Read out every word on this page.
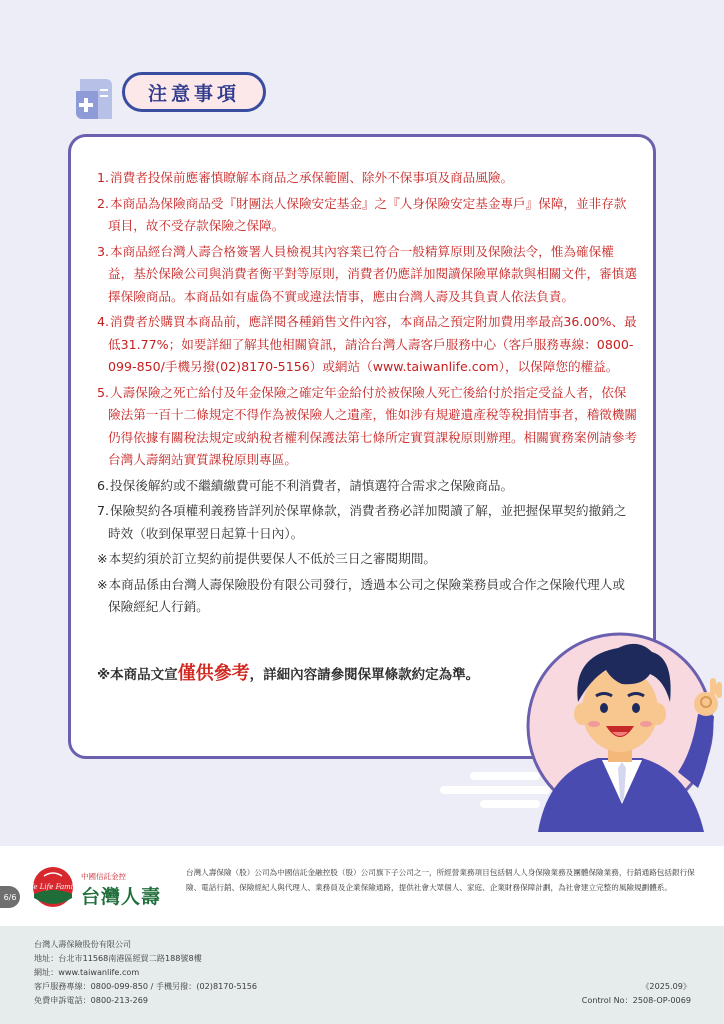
注意事項
1.消費者投保前應審慎瞭解本商品之承保範圍、除外不保事項及商品風險。
2.本商品為保險商品受『財團法人保險安定基金』之『人身保險安定基金專戶』保障，並非存款項目，故不受存款保險之保障。
3.本商品經台灣人壽合格簽署人員檢視其內容業已符合一般精算原則及保險法令，惟為確保權益，基於保險公司與消費者衡平對等原則，消費者仍應詳加閱讀保險單條款與相關文件，審慎選擇保險商品。本商品如有虛偽不實或違法情事，應由台灣人壽及其負責人依法負責。
4.消費者於購買本商品前，應詳閱各種銷售文件內容，本商品之預定附加費用率最高36.00%、最低31.77%；如要詳細了解其他相關資訊，請洽台灣人壽客戶服務中心（客戶服務專線：0800-099-850/手機另撥(02)8170-5156）或網站（www.taiwanlife.com），以保障您的權益。
5.人壽保險之死亡給付及年金保險之確定年金給付於被保險人死亡後給付於指定受益人者，依保險法第一百十二條規定不得作為被保險人之遺產，惟如涉有規避遺產稅等稅捐情事者，稽徵機關仍得依據有關稅法規定或納稅者權利保護法第七條所定實質課稅原則辦理。相關實務案例請參考台灣人壽網站實質課稅原則專區。
6.投保後解約或不繼續繳費可能不利消費者，請慎選符合需求之保險商品。
7.保險契約各項權利義務皆詳列於保單條款，消費者務必詳加閱讀了解，並把握保單契約撤銷之時效（收到保單翌日起算十日內）。
※本契約須於訂立契約前提供要保人不低於三日之審閱期間。
※本商品係由台灣人壽保險股份有限公司發行，透過本公司之保險業務員或合作之保險代理人或保險經紀人行銷。
※本商品文宣僅供參考，詳細內容請參閱保單條款約定為準。
6/6
We Life Family
中國信託金控
台灣人壽
台灣人壽保險（股）公司為中國信託金融控股（股）公司旗下子公司之一，所經營業務項目包括個人人身保險業務及團體保險業務，行銷通路包括銀行保險、電話行銷、保險經紀人與代理人、業務員及企業保險通路，提供社會大眾個人、家庭、企業財務保障計劃，為社會建立完整的風險規劃體系。
台灣人壽保險股份有限公司
地址：台北市11568南港區經貿二路188號8樓
網址：www.taiwanlife.com
客戶服務專線：0800-099-850 / 手機另撥：(02)8170-5156
免費申訴電話：0800-213-269
《2025.09》
Control No：2508-OP-0069
